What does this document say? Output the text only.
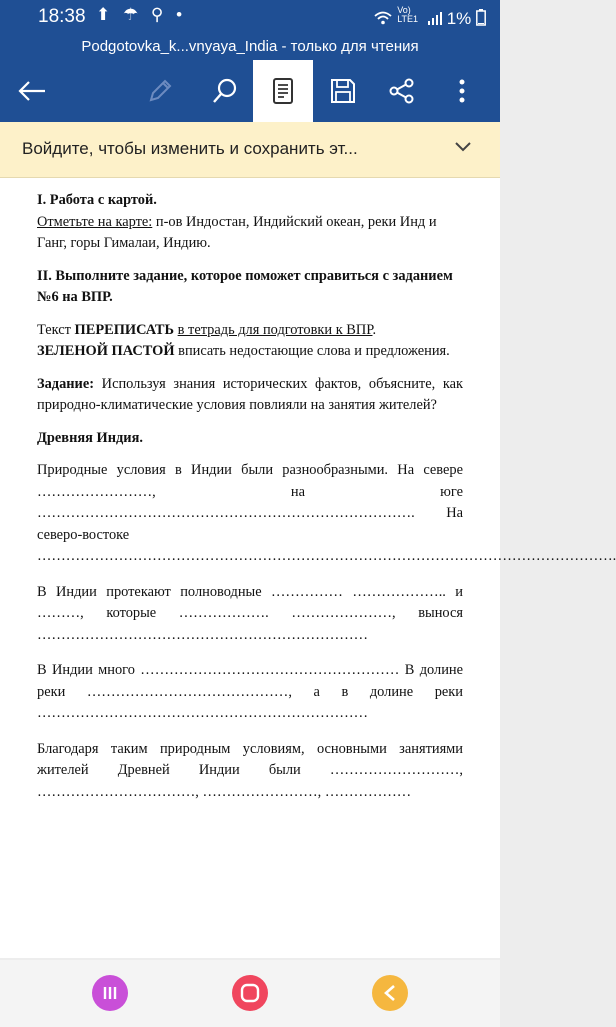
18:38 ⬆ ☂ ⚲ •	Vo) LTE1 1%
Podgotovka_k...vnyaya_India - только для чтения
Войдите, чтобы изменить и сохранить эт...

I. Работа с картой.
Отметьте на карте: п-ов Индостан, Индийский океан, реки Инд и Ганг, горы Гималаи, Индию.

II. Выполните задание, которое поможет справиться с заданием №6 на ВПР.

Текст ПЕРЕПИСАТЬ в тетрадь для подготовки к ВПР.
ЗЕЛЕНОЙ ПАСТОЙ вписать недостающие слова и предложения.

Задание: Используя знания исторических фактов, объясните, как природно-климатические условия повлияли на занятия жителей?

Древняя Индия.

Природные условия в Индии были разнообразными. На севере ……………………, на юге ……………………………………………………………………. На северо-востоке ………………………………………………………………………………………………………….

В Индии протекают полноводные …………… ……………….. и ………, которые ………………. …………………, вынося ……………………………………………………………

В Индии много ……………………………………………… В долине реки ……………………………………, а в долине реки ……………………………………………………………

Благодаря таким природным условиям, основными занятиями жителей Древней Индии были ………………………, ……………………………, ……………………, ………………
